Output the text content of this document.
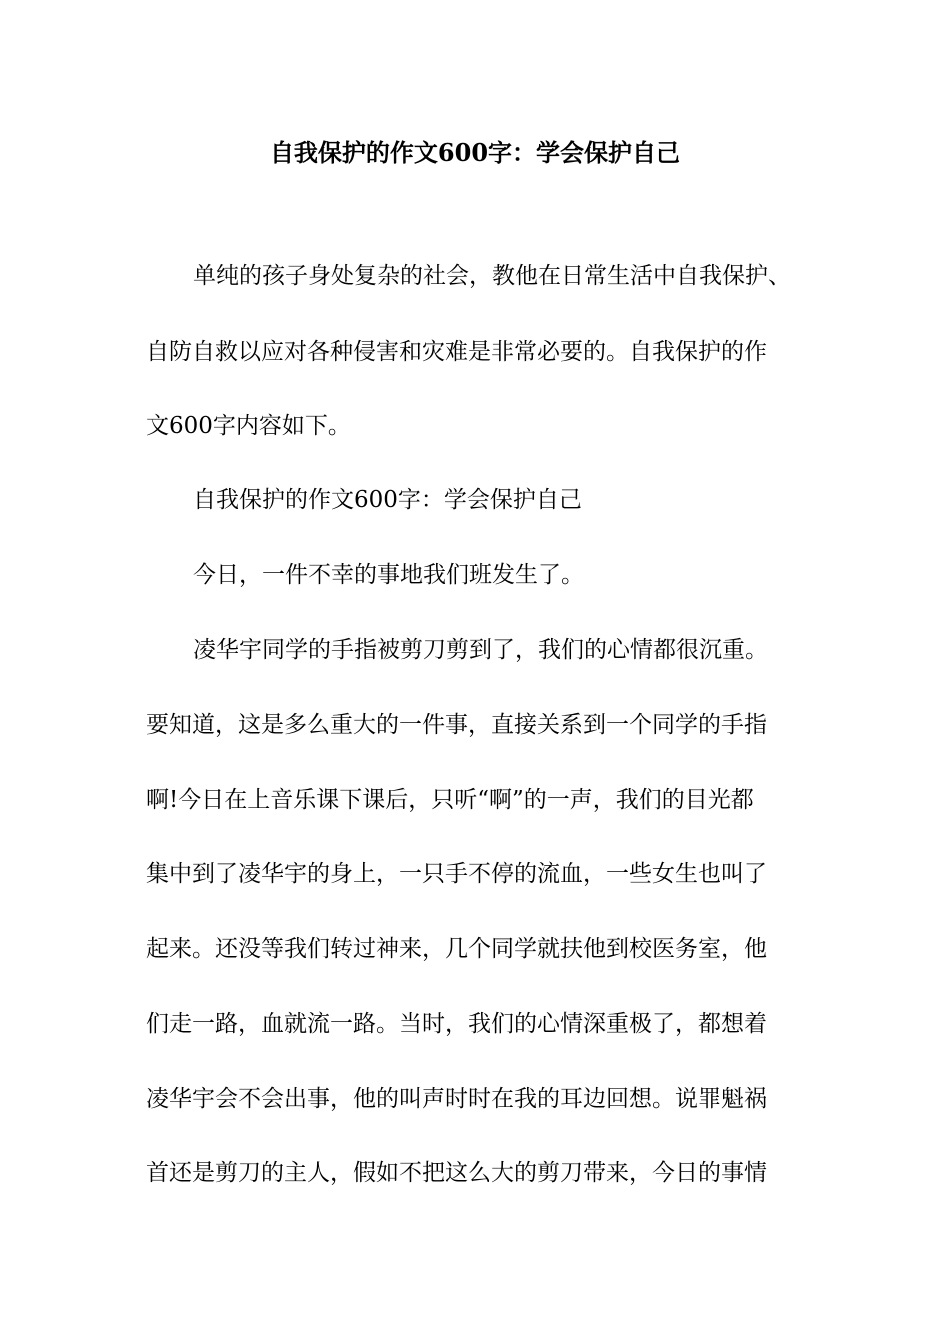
自我保护的作文600字：学会保护自己
单纯的孩子身处复杂的社会，教他在日常生活中自我保护、
自防自救以应对各种侵害和灾难是非常必要的。自我保护的作
文600字内容如下。
自我保护的作文600字：学会保护自己
今日，一件不幸的事地我们班发生了。
凌华宇同学的手指被剪刀剪到了，我们的心情都很沉重。
要知道，这是多么重大的一件事，直接关系到一个同学的手指
啊!今日在上音乐课下课后，只听“啊”的一声，我们的目光都
集中到了凌华宇的身上，一只手不停的流血，一些女生也叫了
起来。还没等我们转过神来，几个同学就扶他到校医务室，他
们走一路，血就流一路。当时，我们的心情深重极了，都想着
凌华宇会不会出事，他的叫声时时在我的耳边回想。说罪魁祸
首还是剪刀的主人，假如不把这么大的剪刀带来，今日的事情
